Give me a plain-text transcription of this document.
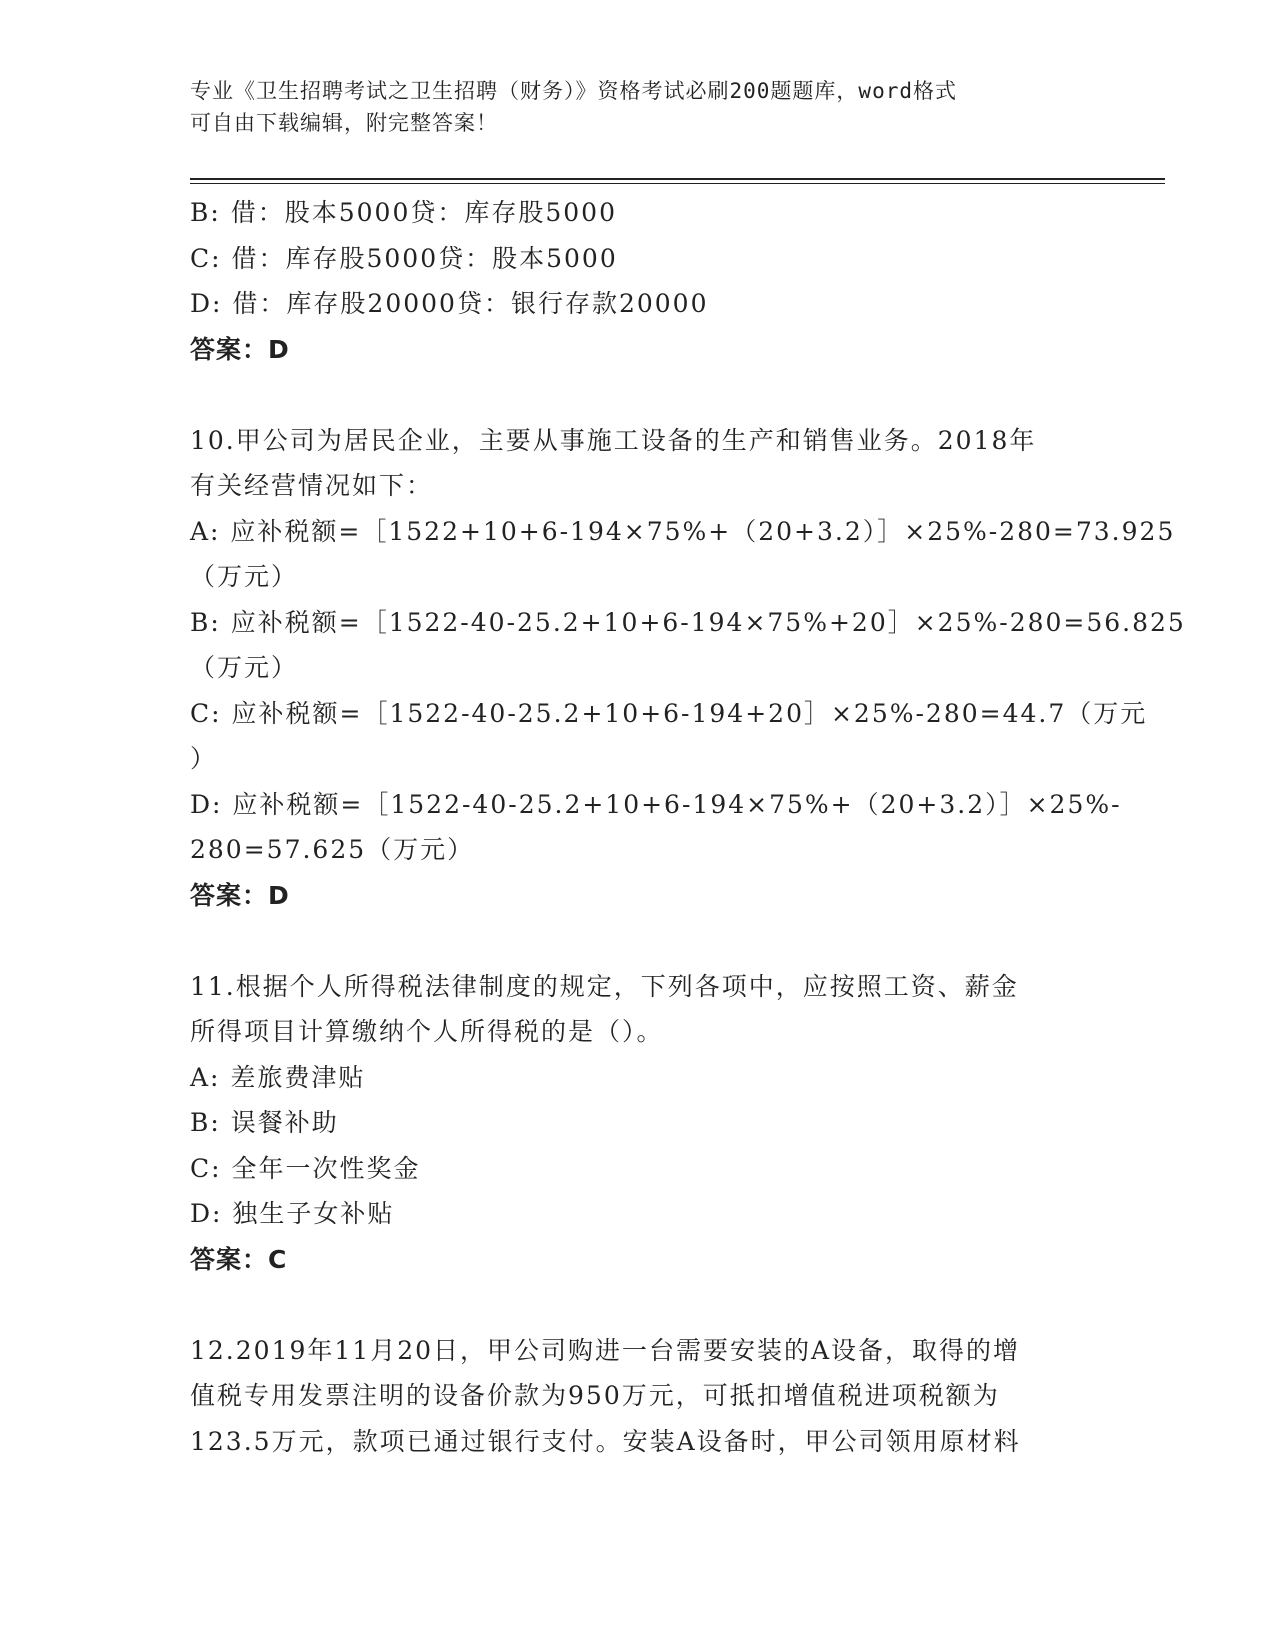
专业《卫生招聘考试之卫生招聘（财务）》资格考试必刷200题题库，word格式
可自由下载编辑，附完整答案！
B: 借：股本5000贷：库存股5000
C: 借：库存股5000贷：股本5000
D: 借：库存股20000贷：银行存款20000
答案：D
10.甲公司为居民企业，主要从事施工设备的生产和销售业务。2018年
有关经营情况如下：
A: 应补税额=［1522+10+6-194×75%+（20+3.2）］×25%-280=73.925
（万元）
B: 应补税额=［1522-40-25.2+10+6-194×75%+20］×25%-280=56.825
（万元）
C: 应补税额=［1522-40-25.2+10+6-194+20］×25%-280=44.7（万元
）
D: 应补税额=［1522-40-25.2+10+6-194×75%+（20+3.2）］×25%-
280=57.625（万元）
答案：D
11.根据个人所得税法律制度的规定，下列各项中，应按照工资、薪金
所得项目计算缴纳个人所得税的是（）。
A: 差旅费津贴
B: 误餐补助
C: 全年一次性奖金
D: 独生子女补贴
答案：C
12.2019年11月20日，甲公司购进一台需要安装的A设备，取得的增
值税专用发票注明的设备价款为950万元，可抵扣增值税进项税额为
123.5万元，款项已通过银行支付。安装A设备时，甲公司领用原材料
